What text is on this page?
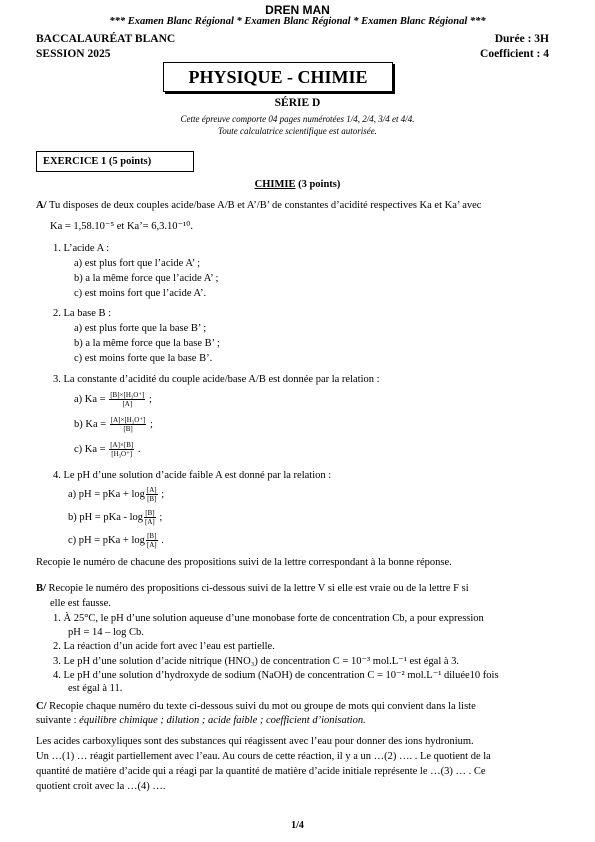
DREN MAN
*** Examen Blanc Régional * Examen Blanc Régional * Examen Blanc Régional ***
BACCALAURÉAT BLANC
SESSION 2025
Durée : 3H
Coefficient : 4
PHYSIQUE - CHIMIE
SÉRIE D
Cette épreuve comporte 04 pages numérotées 1/4, 2/4, 3/4 et 4/4.
Toute calculatrice scientifique est autorisée.
EXERCICE 1 (5 points)
CHIMIE (3 points)
A/ Tu disposes de deux couples acide/base A/B et A’/B’ de constantes d’acidité respectives Ka et Ka’ avec
Ka = 1,58.10⁻⁵ et Ka’= 6,3.10⁻¹⁰.
1. L’acide A :
a) est plus fort que l’acide A’ ;
b) a la même force que l’acide A’ ;
c) est moins fort que l’acide A’.
2. La base B :
a) est plus forte que la base B’ ;
b) a la même force que la base B’ ;
c) est moins forte que la base B’.
3. La constante d’acidité du couple acide/base A/B est donnée par la relation :
a) $Ka = \frac{\text{[B]×[H₃O⁺]}}{[A]}$ ;
b) $Ka = \frac{\text{[A]×[H₃O⁺]}}{[B]}$ ;
c) $Ka = \frac{[A]\times[B]}{\text{[H₃O⁺]}}$ .
4. Le pH d’une solution d’acide faible A est donné par la relation :
a) pH = pKa + $\log \frac{[A]}{[B]}$ ;
b) pH = pKa - $\log \frac{[B]}{[A]}$ ;
c) pH = pKa + $\log \frac{[B]}{[A]}$ .
Recopie le numéro de chacune des propositions suivi de la lettre correspondant à la bonne réponse.
B/ Recopie le numéro des propositions ci-dessous suivi de la lettre V si elle est vraie ou de la lettre F si
elle est fausse.
1. À 25°C, le pH d’une solution aqueuse d’une monobase forte de concentration Cb, a pour expression
pH = 14 – log Cb.
2. La réaction d’un acide fort avec l’eau est partielle.
3. Le pH d’une solution d’acide nitrique (HNO₃) de concentration C = 10⁻³ mol.L⁻¹ est égal à 3.
4. Le pH d’une solution d’hydroxyde de sodium (NaOH) de concentration C = 10⁻² mol.L⁻¹ diluée10 fois
est égal à 11.
C/ Recopie chaque numéro du texte ci-dessous suivi du mot ou groupe de mots qui convient dans la liste
suivante : équilibre chimique ; dilution ; acide faible ; coefficient d’ionisation.
Les acides carboxyliques sont des substances qui réagissent avec l’eau pour donner des ions hydronium.
Un …(1) … réagit partiellement avec l’eau. Au cours de cette réaction, il y a un …(2) …. . Le quotient de la
quantité de matière d’acide qui a réagi par la quantité de matière d’acide initiale représente le …(3) … . Ce
quotient croit avec la …(4) ….
1/4
